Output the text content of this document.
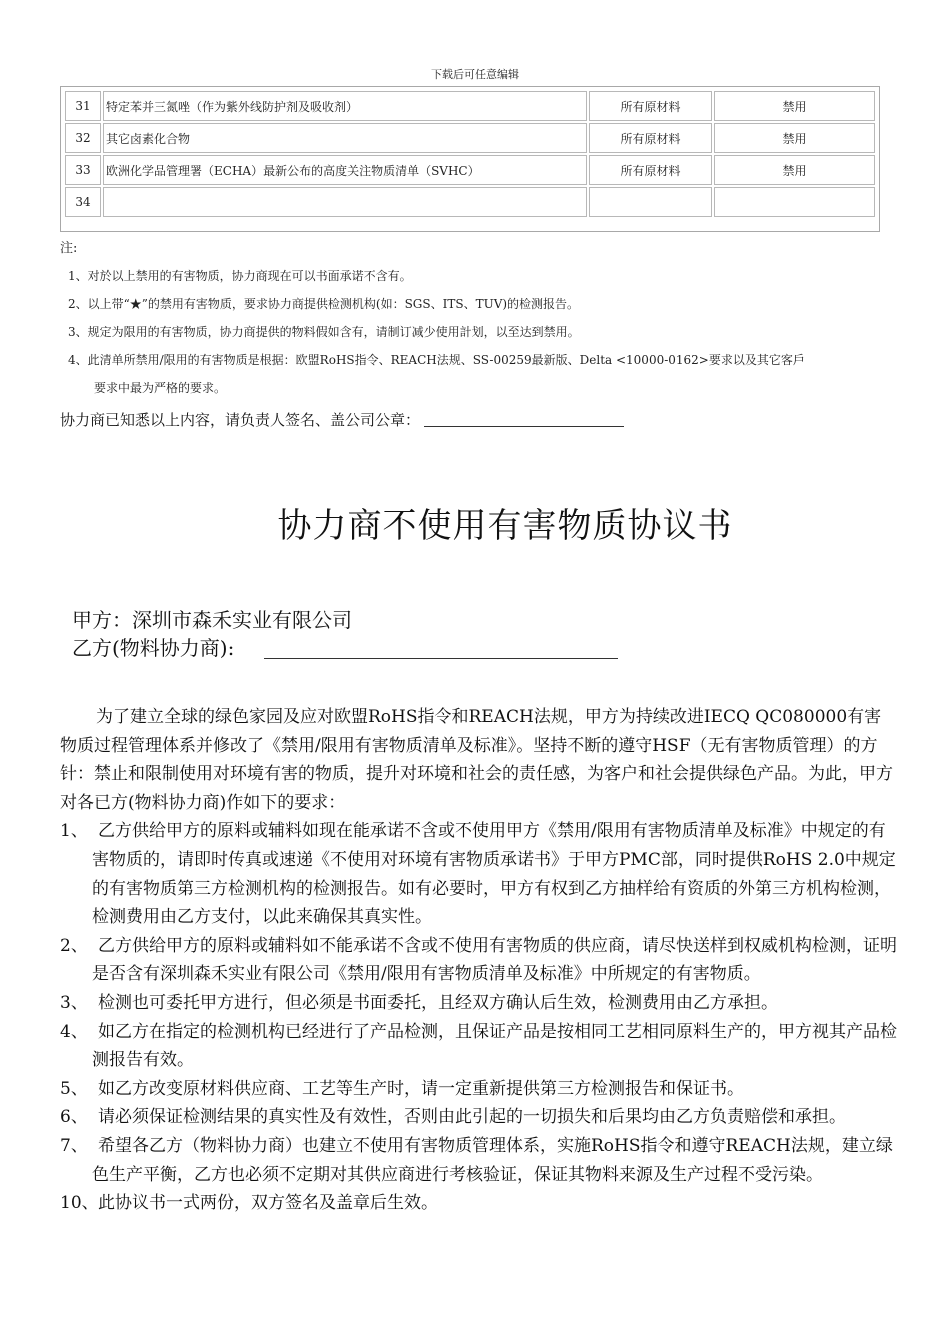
下载后可任意编辑
31	特定苯并三氮唑（作为紫外线防护剂及吸收剂）	所有原材料	禁用
32	其它卤素化合物	所有原材料	禁用
33	欧洲化学品管理署（ECHA）最新公布的高度关注物质清单（SVHC）	所有原材料	禁用
34			
注:
1、对於以上禁用的有害物质，协力商现在可以书面承诺不含有。
2、以上带“★”的禁用有害物质，要求协力商提供检测机构(如：SGS、ITS、TUV)的检测报告。
3、规定为限用的有害物质，协力商提供的物料假如含有，请制订减少使用計划，以至达到禁用。
4、此清单所禁用/限用的有害物质是根据：欧盟RoHS指令、REACH法规、SS-00259最新版、Delta <10000-0162>要求以及其它客戶
要求中最为严格的要求。
协力商已知悉以上内容，请负责人签名、盖公司公章：
协力商不使用有害物质协议书
甲方：深圳市森禾实业有限公司
乙方(物料协力商):

为了建立全球的绿色家园及应对欧盟RoHS指令和REACH法规，甲方为持续改进IECQ QC080000有害物质过程管理体系并修改了《禁用/限用有害物质清单及标准》。坚持不断的遵守HSF（无有害物质管理）的方针：禁止和限制使用对环境有害的物质，提升对环境和社会的责任感，为客户和社会提供绿色产品。为此，甲方对各已方(物料协力商)作如下的要求：

1、 乙方供给甲方的原料或辅料如现在能承诺不含或不使用甲方《禁用/限用有害物质清单及标准》中规定的有害物质的，请即时传真或速递《不使用对环境有害物质承诺书》于甲方PMC部，同时提供RoHS 2.0中规定的有害物质第三方检测机构的检测报告。如有必要时，甲方有权到乙方抽样给有资质的外第三方机构检测，检测费用由乙方支付，以此来确保其真实性。

2、 乙方供给甲方的原料或辅料如不能承诺不含或不使用有害物质的供应商，请尽快送样到权威机构检测，证明是否含有深圳森禾实业有限公司《禁用/限用有害物质清单及标准》中所规定的有害物质。

3、 检测也可委托甲方进行，但必须是书面委托，且经双方确认后生效，检测费用由乙方承担。

4、 如乙方在指定的检测机构已经进行了产品检测，且保证产品是按相同工艺相同原料生产的，甲方视其产品检测报告有效。

5、 如乙方改变原材料供应商、工艺等生产时，请一定重新提供第三方检测报告和保证书。

6、 请必须保证检测结果的真实性及有效性，否则由此引起的一切损失和后果均由乙方负责赔偿和承担。

7、 希望各乙方（物料协力商）也建立不使用有害物质管理体系，实施RoHS指令和遵守REACH法规，建立绿色生产平衡，乙方也必须不定期对其供应商进行考核验证，保证其物料来源及生产过程不受污染。

10、此协议书一式两份，双方签名及盖章后生效。
